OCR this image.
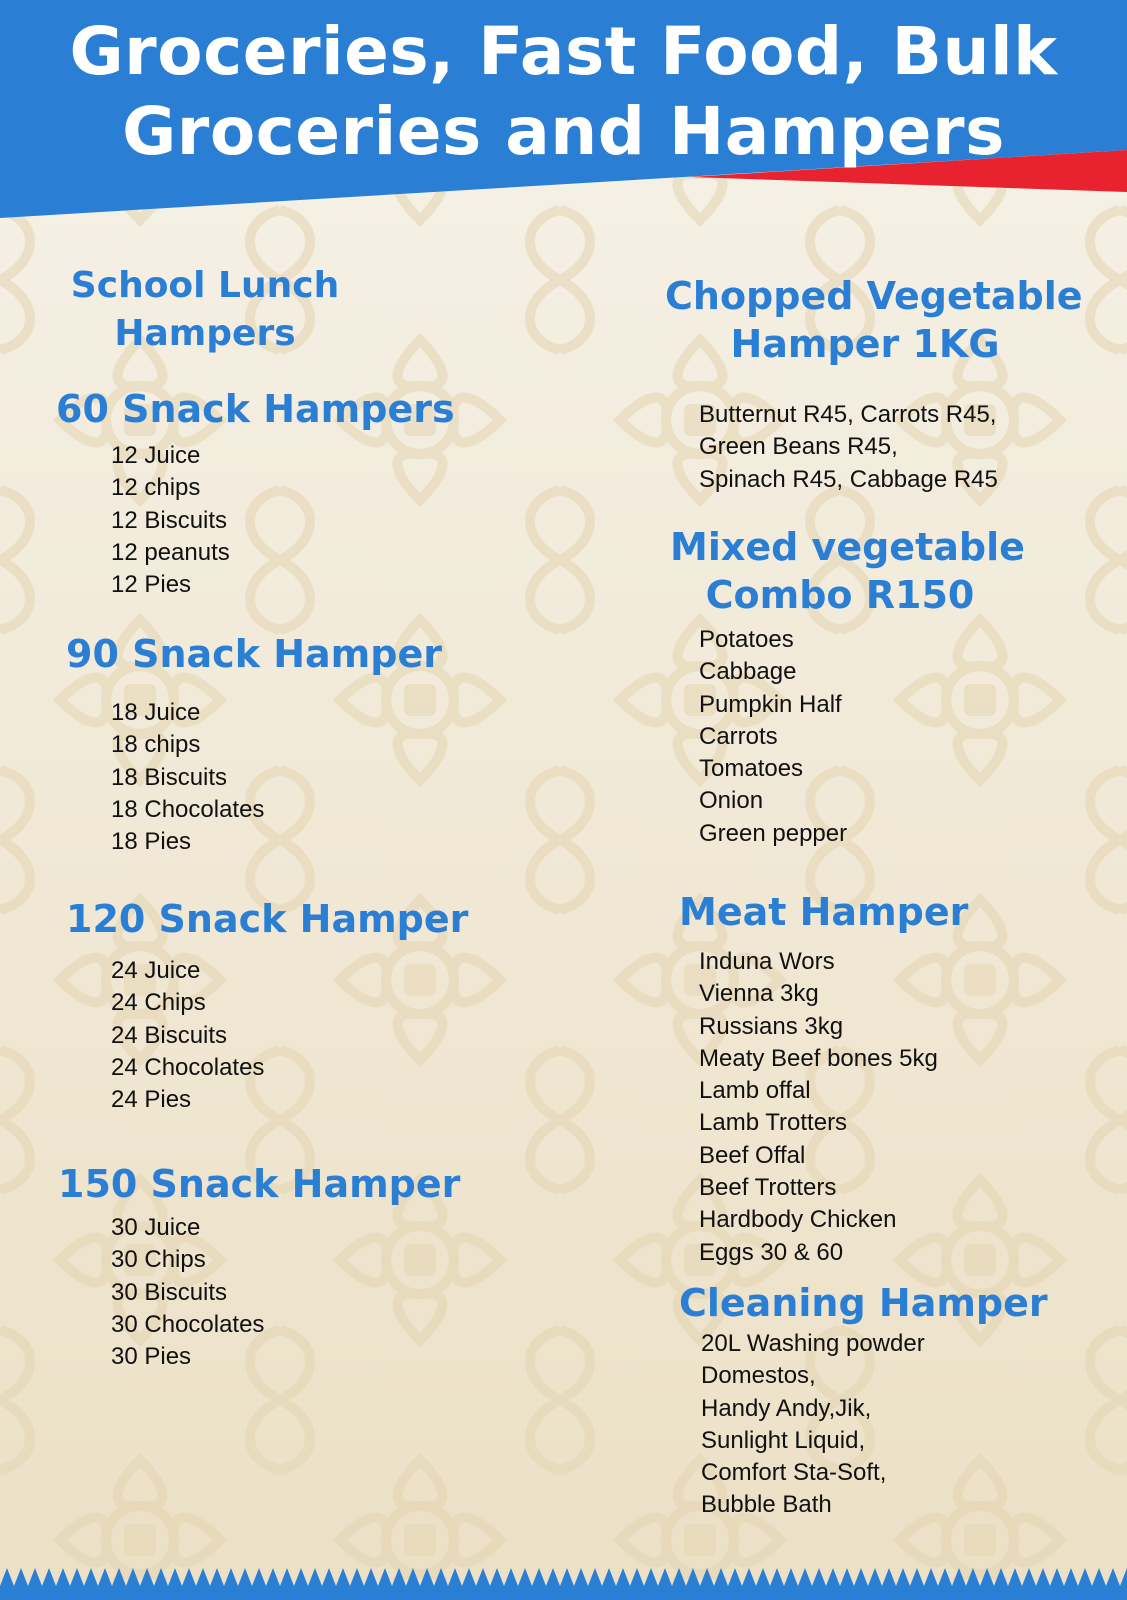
Groceries, Fast Food, Bulk
Groceries and Hampers
School Lunch
Hampers
60 Snack Hampers
12 Juice
12 chips
12 Biscuits
12 peanuts
12 Pies
90 Snack Hamper
18 Juice
18 chips
18 Biscuits
18 Chocolates
18 Pies
120 Snack Hamper
24 Juice
24 Chips
24 Biscuits
24 Chocolates
24 Pies
150 Snack Hamper
30 Juice
30 Chips
30 Biscuits
30 Chocolates
30 Pies
Chopped Vegetable
Hamper 1KG
Butternut R45, Carrots R45,
Green Beans R45,
Spinach R45, Cabbage R45
Mixed vegetable
Combo R150
Potatoes
Cabbage
Pumpkin Half
Carrots
Tomatoes
Onion
Green pepper
Meat Hamper
Induna Wors
Vienna 3kg
Russians 3kg
Meaty Beef bones 5kg
Lamb offal
Lamb Trotters
Beef Offal
Beef Trotters
Hardbody Chicken
Eggs 30 & 60
Cleaning Hamper
20L Washing powder
Domestos,
Handy Andy,Jik,
Sunlight Liquid,
Comfort Sta-Soft,
Bubble Bath
